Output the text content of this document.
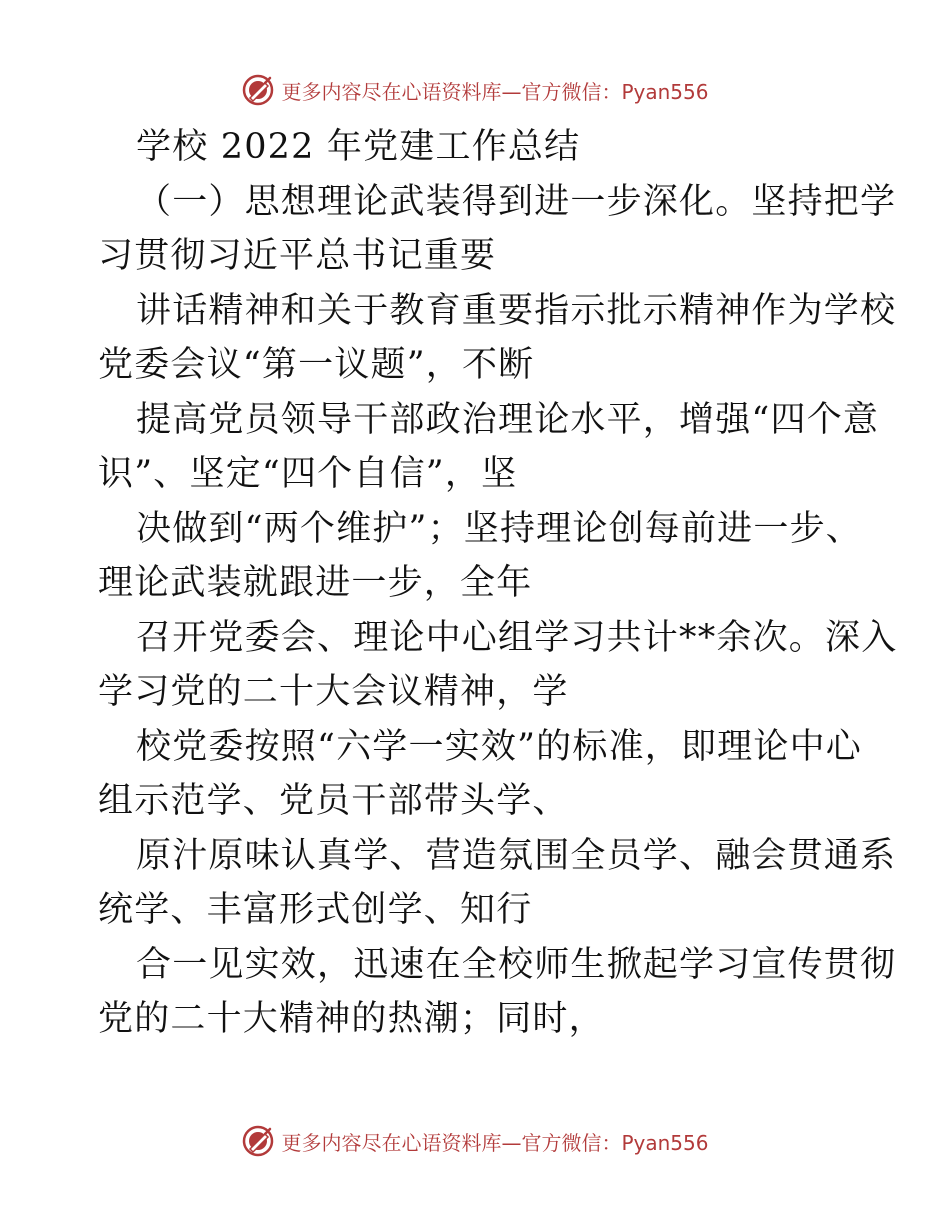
更多内容尽在心语资料库—官方微信：Pyan556
学校 2022 年党建工作总结
（一）思想理论武装得到进一步深化。坚持把学
习贯彻习近平总书记重要
讲话精神和关于教育重要指示批示精神作为学校
党委会议“第一议题”，不断
提高党员领导干部政治理论水平，增强“四个意
识”、坚定“四个自信”，坚
决做到“两个维护”；坚持理论创每前进一步、
理论武装就跟进一步，全年
召开党委会、理论中心组学习共计**余次。深入
学习党的二十大会议精神，学
校党委按照“六学一实效”的标准，即理论中心
组示范学、党员干部带头学、
原汁原味认真学、营造氛围全员学、融会贯通系
统学、丰富形式创学、知行
合一见实效，迅速在全校师生掀起学习宣传贯彻
党的二十大精神的热潮；同时，
更多内容尽在心语资料库—官方微信：Pyan556
